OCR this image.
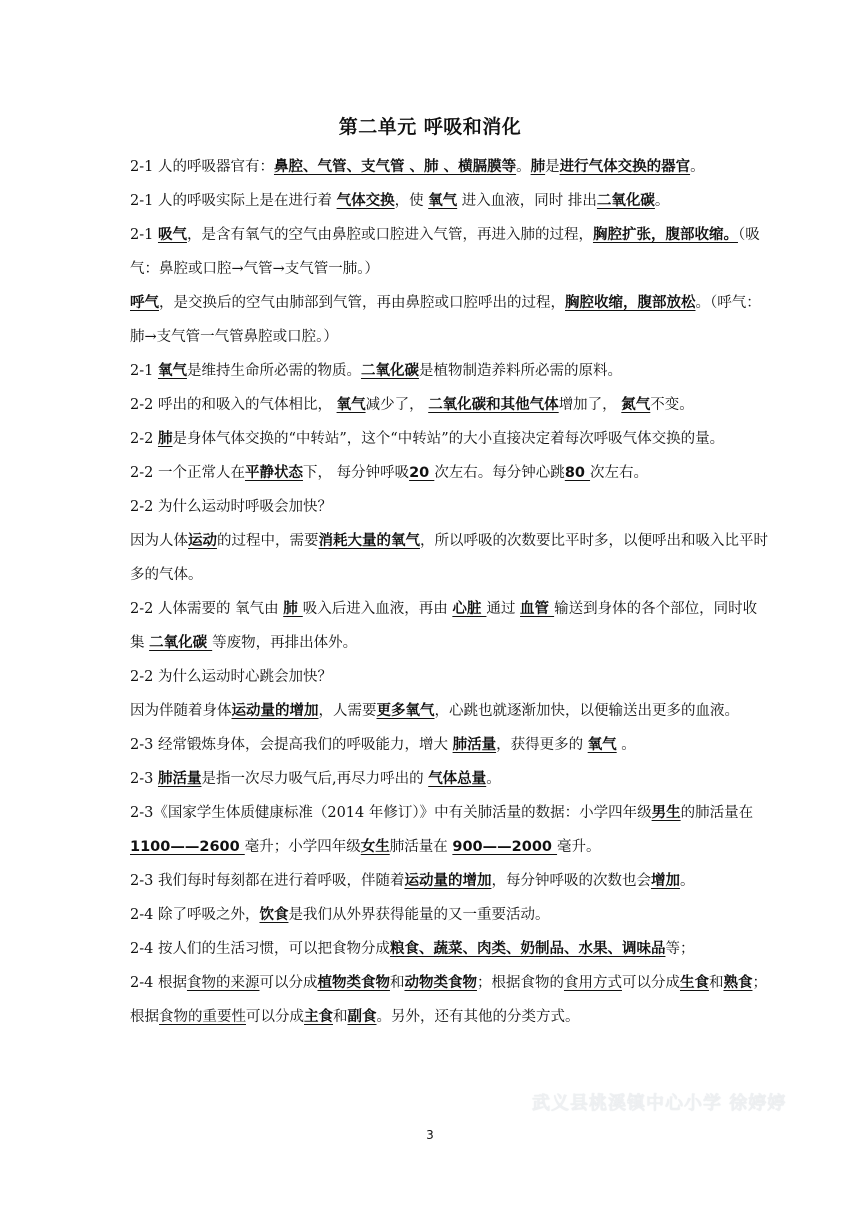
第二单元 呼吸和消化

2-1 人的呼吸器官有：鼻腔、气管、支气管 、肺 、横膈膜等。肺是进行气体交换的器官。

2-1 人的呼吸实际上是在进行着 气体交换，使 氧气 进入血液，同时 排出二氧化碳。

2-1 吸气，是含有氧气的空气由鼻腔或口腔进入气管，再进入肺的过程，胸腔扩张，腹部收缩。（吸气：鼻腔或口腔→气管→支气管一肺。）

呼气，是交换后的空气由肺部到气管，再由鼻腔或口腔呼出的过程，胸腔收缩，腹部放松。（呼气：肺→支气管一气管鼻腔或口腔。）

2-1 氧气是维持生命所必需的物质。二氧化碳是植物制造养料所必需的原料。

2-2 呼出的和吸入的气体相比， 氧气减少了， 二氧化碳和其他气体增加了， 氮气不变。

2-2 肺是身体气体交换的“中转站”，这个“中转站”的大小直接决定着每次呼吸气体交换的量。

2-2 一个正常人在平静状态下， 每分钟呼吸20 次左右。每分钟心跳80 次左右。

2-2 为什么运动时呼吸会加快？

因为人体运动的过程中，需要消耗大量的氧气，所以呼吸的次数要比平时多，以便呼出和吸入比平时多的气体。

2-2 人体需要的 氧气由 肺 吸入后进入血液，再由 心脏 通过 血管 输送到身体的各个部位，同时收集 二氧化碳 等废物，再排出体外。

2-2 为什么运动时心跳会加快？

因为伴随着身体运动量的增加，人需要更多氧气，心跳也就逐渐加快，以便输送出更多的血液。

2-3 经常锻炼身体，会提高我们的呼吸能力，增大 肺活量，获得更多的 氧气 。

2-3 肺活量是指一次尽力吸气后,再尽力呼出的 气体总量。

2-3《国家学生体质健康标准（2014 年修订）》中有关肺活量的数据：小学四年级男生的肺活量在 1100——2600 毫升；小学四年级女生肺活量在 900——2000 毫升。

2-3 我们每时每刻都在进行着呼吸，伴随着运动量的增加，每分钟呼吸的次数也会增加。

2-4 除了呼吸之外，饮食是我们从外界获得能量的又一重要活动。

2-4 按人们的生活习惯，可以把食物分成粮食、蔬菜、肉类、奶制品、水果、调味品等；

2-4 根据食物的来源可以分成植物类食物和动物类食物；根据食物的食用方式可以分成生食和熟食；根据食物的重要性可以分成主食和副食。另外，还有其他的分类方式。

武义县桃溪镇中心小学 徐婷婷
3
